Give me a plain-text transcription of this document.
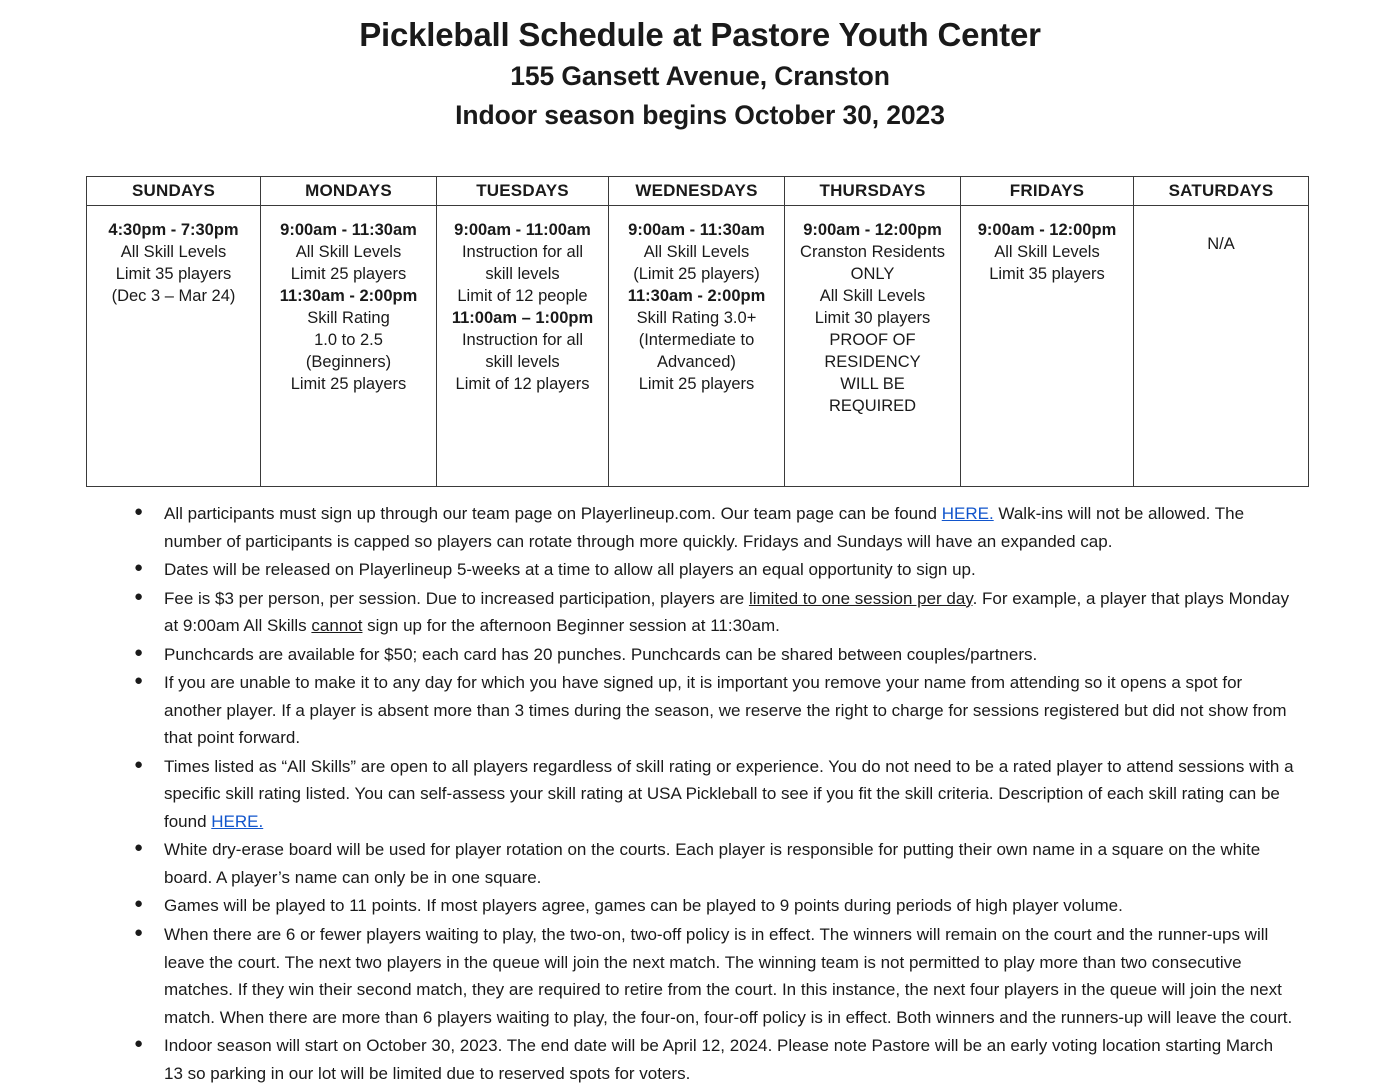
Pickleball Schedule at Pastore Youth Center
155 Gansett Avenue, Cranston
Indoor season begins October 30, 2023
SUNDAYS	MONDAYS	TUESDAYS	WEDNESDAYS	THURSDAYS	FRIDAYS	SATURDAYS

4:30pm - 7:30pm
All Skill Levels
Limit 35 players
(Dec 3 – Mar 24)

9:00am - 11:30am
All Skill Levels
Limit 25 players
11:30am - 2:00pm
Skill Rating
1.0 to 2.5
(Beginners)
Limit 25 players

9:00am - 11:00am
Instruction for all
skill levels
Limit of 12 people
11:00am – 1:00pm
Instruction for all
skill levels
Limit of 12 players

9:00am - 11:30am
All Skill Levels
(Limit 25 players)
11:30am - 2:00pm
Skill Rating 3.0+
(Intermediate to
Advanced)
Limit 25 players

9:00am - 12:00pm
Cranston Residents
ONLY
All Skill Levels
Limit 30 players
PROOF OF
RESIDENCY
WILL BE
REQUIRED

9:00am - 12:00pm
All Skill Levels
Limit 35 players

N/A
● All participants must sign up through our team page on Playerlineup.com. Our team page can be found HERE. Walk-ins will not be allowed. The number of participants is capped so players can rotate through more quickly. Fridays and Sundays will have an expanded cap.
● Dates will be released on Playerlineup 5-weeks at a time to allow all players an equal opportunity to sign up.
● Fee is $3 per person, per session. Due to increased participation, players are limited to one session per day. For example, a player that plays Monday at 9:00am All Skills cannot sign up for the afternoon Beginner session at 11:30am.
● Punchcards are available for $50; each card has 20 punches. Punchcards can be shared between couples/partners.
● If you are unable to make it to any day for which you have signed up, it is important you remove your name from attending so it opens a spot for another player. If a player is absent more than 3 times during the season, we reserve the right to charge for sessions registered but did not show from that point forward.
● Times listed as “All Skills” are open to all players regardless of skill rating or experience. You do not need to be a rated player to attend sessions with a specific skill rating listed. You can self-assess your skill rating at USA Pickleball to see if you fit the skill criteria. Description of each skill rating can be found HERE.
● White dry-erase board will be used for player rotation on the courts. Each player is responsible for putting their own name in a square on the white board. A player’s name can only be in one square.
● Games will be played to 11 points. If most players agree, games can be played to 9 points during periods of high player volume.
● When there are 6 or fewer players waiting to play, the two-on, two-off policy is in effect. The winners will remain on the court and the runner-ups will leave the court. The next two players in the queue will join the next match. The winning team is not permitted to play more than two consecutive matches. If they win their second match, they are required to retire from the court. In this instance, the next four players in the queue will join the next match. When there are more than 6 players waiting to play, the four-on, four-off policy is in effect. Both winners and the runners-up will leave the court.
● Indoor season will start on October 30, 2023. The end date will be April 12, 2024. Please note Pastore will be an early voting location starting March 13 so parking in our lot will be limited due to reserved spots for voters.
